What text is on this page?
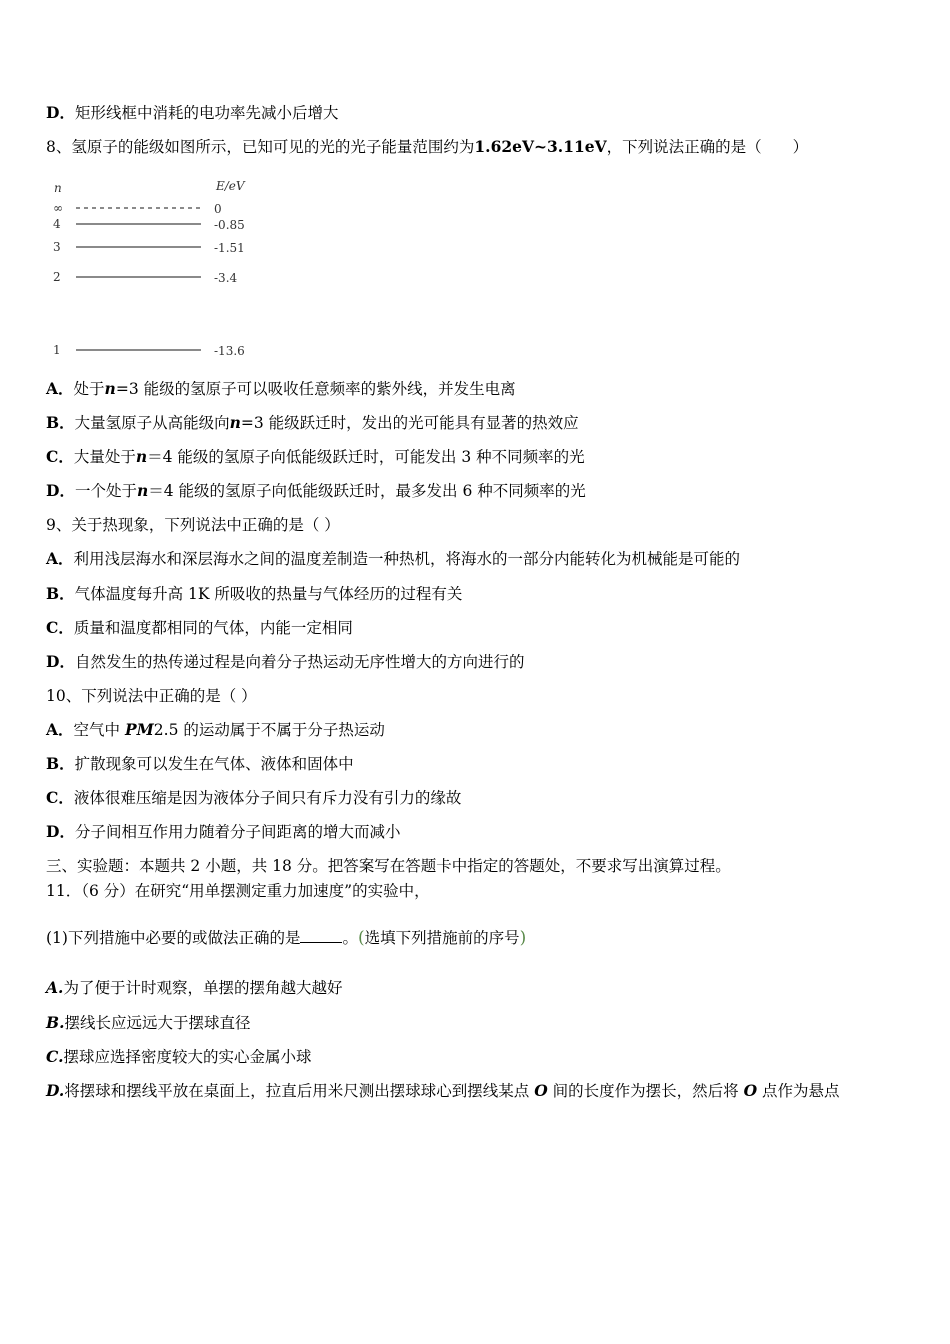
D．矩形线框中消耗的电功率先减小后增大
8、氢原子的能级如图所示，已知可见的光的光子能量范围约为1.62eV~3.11eV，下列说法正确的是（　　）
n	E/eV
∞	0
4	-0.85
3	-1.51
2	-3.4
1	-13.6
A．处于n=3 能级的氢原子可以吸收任意频率的紫外线，并发生电离
B．大量氢原子从高能级向n=3 能级跃迁时，发出的光可能具有显著的热效应
C．大量处于n＝4 能级的氢原子向低能级跃迁时，可能发出 3 种不同频率的光
D．一个处于n＝4 能级的氢原子向低能级跃迁时，最多发出 6 种不同频率的光
9、关于热现象，下列说法中正确的是（ ）
A．利用浅层海水和深层海水之间的温度差制造一种热机，将海水的一部分内能转化为机械能是可能的
B．气体温度每升高 1K 所吸收的热量与气体经历的过程有关
C．质量和温度都相同的气体，内能一定相同
D．自然发生的热传递过程是向着分子热运动无序性增大的方向进行的
10、下列说法中正确的是（ ）
A．空气中 PM2.5 的运动属于不属于分子热运动
B．扩散现象可以发生在气体、液体和固体中
C．液体很难压缩是因为液体分子间只有斥力没有引力的缘故
D．分子间相互作用力随着分子间距离的增大而减小
三、实验题：本题共 2 小题，共 18 分。把答案写在答题卡中指定的答题处，不要求写出演算过程。
11．（6 分）在研究“用单摆测定重力加速度”的实验中，
(1)下列措施中必要的或做法正确的是	。(选填下列措施前的序号)
A.为了便于计时观察，单摆的摆角越大越好
B.摆线长应远远大于摆球直径
C.摆球应选择密度较大的实心金属小球
D.将摆球和摆线平放在桌面上，拉直后用米尺测出摆球球心到摆线某点 O 间的长度作为摆长，然后将 O 点作为悬点
